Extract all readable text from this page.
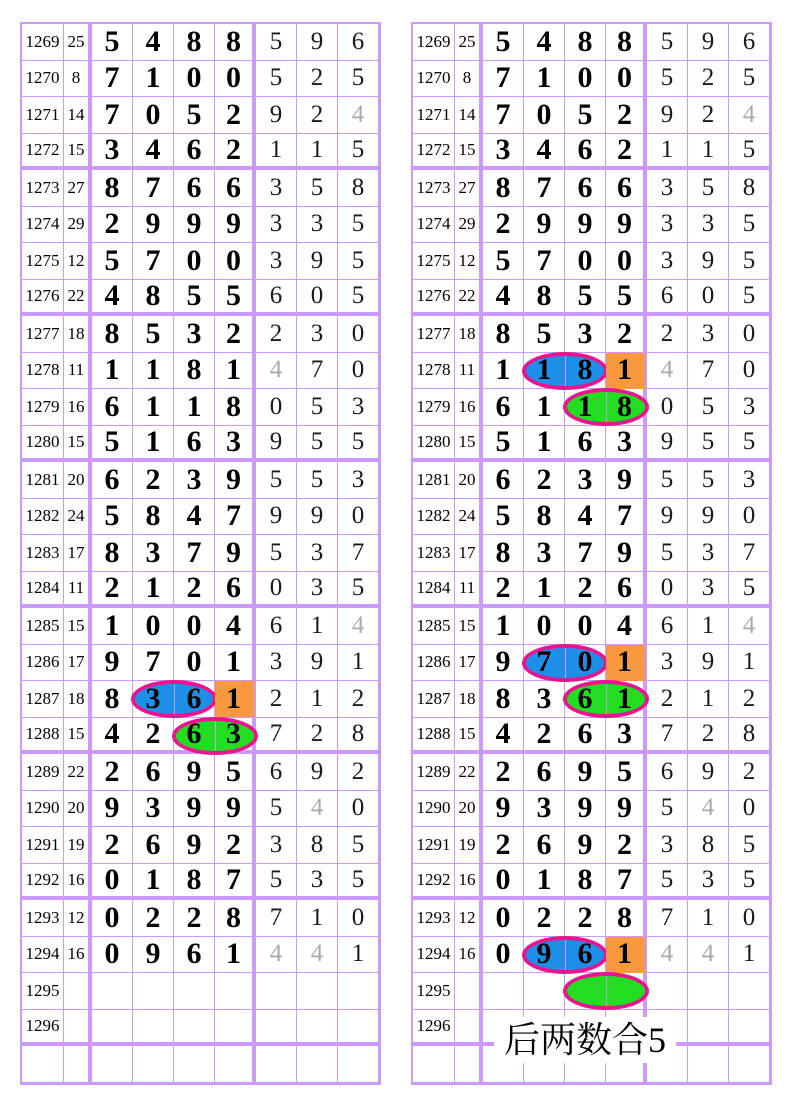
1269 25 5 4 8 8 5 9 6
1270 8 7 1 0 0 5 2 5
1271 14 7 0 5 2 9 2 4
1272 15 3 4 6 2 1 1 5
1273 27 8 7 6 6 3 5 8
1274 29 2 9 9 9 3 3 5
1275 12 5 7 0 0 3 9 5
1276 22 4 8 5 5 6 0 5
1277 18 8 5 3 2 2 3 0
1278 11 1 1 8 1 4 7 0
1279 16 6 1 1 8 0 5 3
1280 15 5 1 6 3 9 5 5
1281 20 6 2 3 9 5 5 3
1282 24 5 8 4 7 9 9 0
1283 17 8 3 7 9 5 3 7
1284 11 2 1 2 6 0 3 5
1285 15 1 0 0 4 6 1 4
1286 17 9 7 0 1 3 9 1
1287 18 8 3 6 1 2 1 2
1288 15 4 2 6 3 7 2 8
1289 22 2 6 9 5 6 9 2
1290 20 9 3 9 9 5 4 0
1291 19 2 6 9 2 3 8 5
1292 16 0 1 8 7 5 3 5
1293 12 0 2 2 8 7 1 0
1294 16 0 9 6 1 4 4 1
1295
1296
1269 25 5 4 8 8 5 9 6
1270 8 7 1 0 0 5 2 5
1271 14 7 0 5 2 9 2 4
1272 15 3 4 6 2 1 1 5
1273 27 8 7 6 6 3 5 8
1274 29 2 9 9 9 3 3 5
1275 12 5 7 0 0 3 9 5
1276 22 4 8 5 5 6 0 5
1277 18 8 5 3 2 2 3 0
1278 11 1 1 8 1 4 7 0
1279 16 6 1 1 8 0 5 3
1280 15 5 1 6 3 9 5 5
1281 20 6 2 3 9 5 5 3
1282 24 5 8 4 7 9 9 0
1283 17 8 3 7 9 5 3 7
1284 11 2 1 2 6 0 3 5
1285 15 1 0 0 4 6 1 4
1286 17 9 7 0 1 3 9 1
1287 18 8 3 6 1 2 1 2
1288 15 4 2 6 3 7 2 8
1289 22 2 6 9 5 6 9 2
1290 20 9 3 9 9 5 4 0
1291 19 2 6 9 2 3 8 5
1292 16 0 1 8 7 5 3 5
1293 12 0 2 2 8 7 1 0
1294 16 0 9 6 1 4 4 1
1295
1296 后两数合5
